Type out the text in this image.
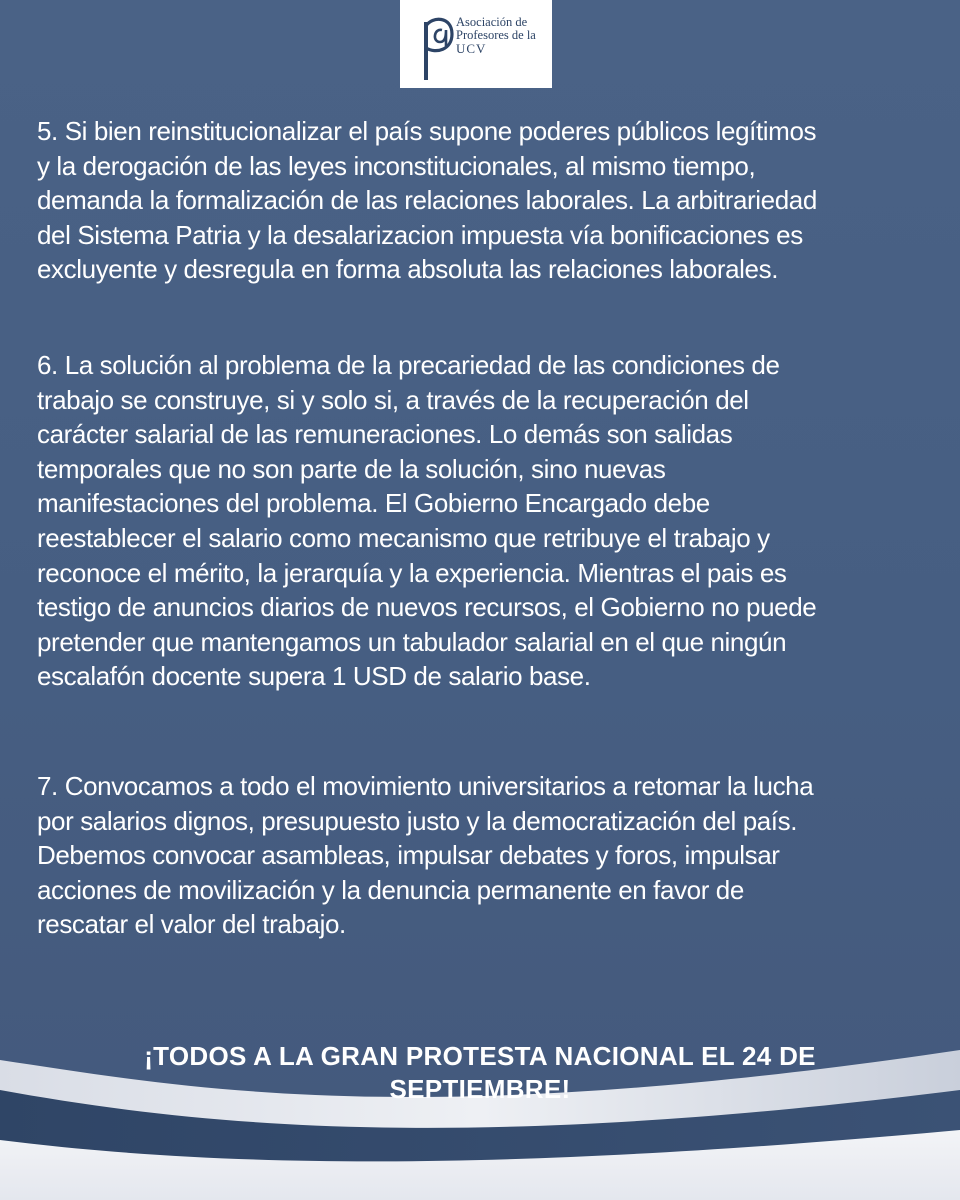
Asociación de
Profesores de la
UCV
5. Si bien reinstitucionalizar el país supone poderes públicos legítimos
y la derogación de las leyes inconstitucionales, al mismo tiempo,
demanda la formalización de las relaciones laborales. La arbitrariedad
del Sistema Patria y la desalarizacion impuesta vía bonificaciones es
excluyente y desregula en forma absoluta las relaciones laborales.
6. La solución al problema de la precariedad de las condiciones de
trabajo se construye, si y solo si, a través de la recuperación del
carácter salarial de las remuneraciones. Lo demás son salidas
temporales que no son parte de la solución, sino nuevas
manifestaciones del problema. El Gobierno Encargado debe
reestablecer el salario como mecanismo que retribuye el trabajo y
reconoce el mérito, la jerarquía y la experiencia. Mientras el pais es
testigo de anuncios diarios de nuevos recursos, el Gobierno no puede
pretender que mantengamos un tabulador salarial en el que ningún
escalafón docente supera 1 USD de salario base.
7. Convocamos a todo el movimiento universitarios a retomar la lucha
por salarios dignos, presupuesto justo y la democratización del país.
Debemos convocar asambleas, impulsar debates y foros, impulsar
acciones de movilización y la denuncia permanente en favor de
rescatar el valor del trabajo.
¡TODOS A LA GRAN PROTESTA NACIONAL EL 24 DE
SEPTIEMBRE!
